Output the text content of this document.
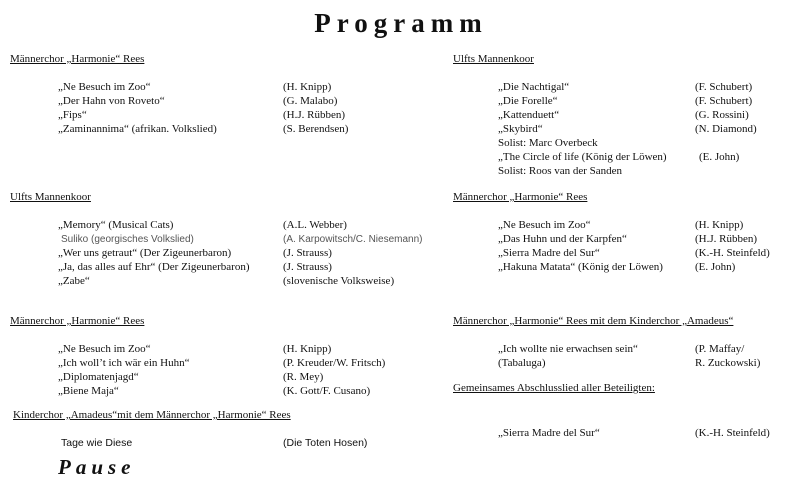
Programm
Männerchor „Harmonie“ Rees
„Ne Besuch im Zoo“	(H. Knipp)
„Der Hahn von Roveto“	(G. Malabo)
„Fips“	(H.J. Rübben)
„Zaminannima“ (afrikan. Volkslied)	(S. Berendsen)
Ulfts Mannenkoor
„Memory“ (Musical Cats)	(A.L. Webber)
Suliko (georgisches Volkslied)	(A. Karpowitsch/C. Niesemann)
„Wer uns getraut“ (Der Zigeunerbaron)	(J. Strauss)
„Ja, das alles auf Ehr“ (Der Zigeunerbaron)	(J. Strauss)
„Zabe“	(slovenische Volksweise)
Männerchor „Harmonie“ Rees
„Ne Besuch im Zoo“	(H. Knipp)
„Ich woll’t ich wär ein Huhn“	(P. Kreuder/W. Fritsch)
„Diplomatenjagd“	(R. Mey)
„Biene Maja“	(K. Gott/F. Cusano)
Kinderchor „Amadeus“mit dem Männerchor „Harmonie“ Rees
Tage wie Diese	(Die Toten Hosen)
Pause
Ulfts Mannenkoor
„Die Nachtigal“	(F. Schubert)
„Die Forelle“	(F. Schubert)
„Kattenduett“	(G. Rossini)
„Skybird“	(N. Diamond)
Solist: Marc Overbeck
„The Circle of life (König der Löwen)	(E. John)
Solist: Roos van der Sanden
Männerchor „Harmonie“ Rees
„Ne Besuch im Zoo“	(H. Knipp)
„Das Huhn und der Karpfen“	(H.J. Rübben)
„Sierra Madre del Sur“	(K.-H. Steinfeld)
„Hakuna Matata“ (König der Löwen)	(E. John)
Männerchor „Harmonie“ Rees mit dem Kinderchor „Amadeus“
„Ich wollte nie erwachsen sein“	(P. Maffay/
(Tabaluga)	R. Zuckowski)
Gemeinsames Abschlusslied aller Beteiligten:
„Sierra Madre del Sur“	(K.-H. Steinfeld)
